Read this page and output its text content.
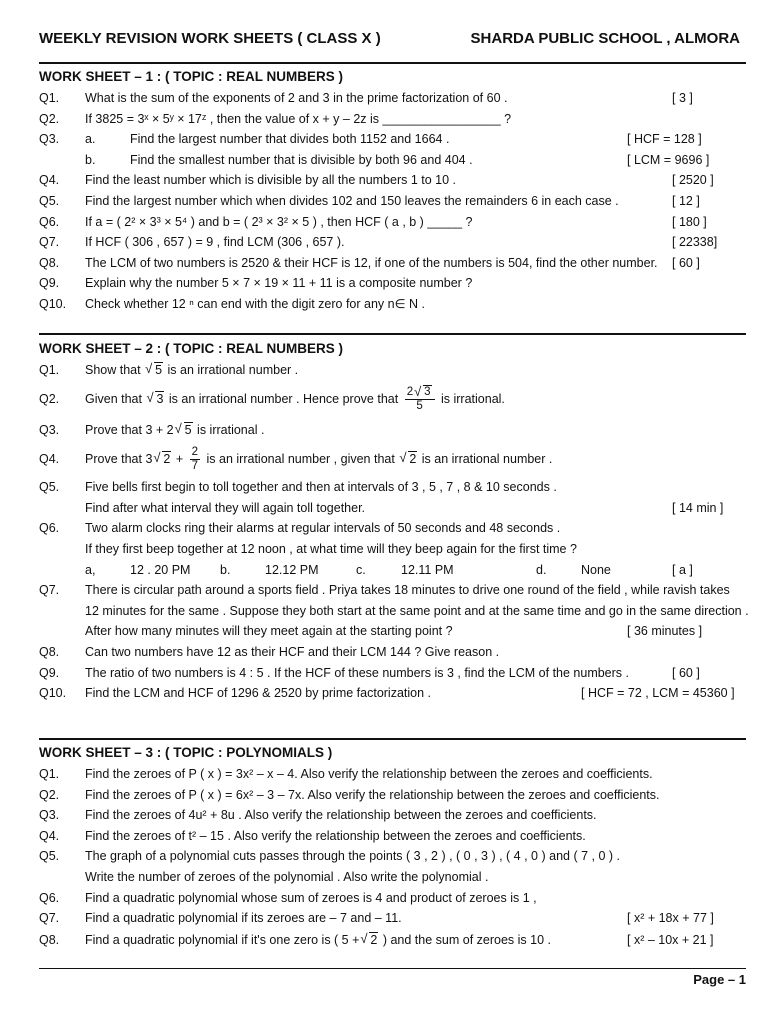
WEEKLY REVISION WORK SHEETS ( CLASS X )	SHARDA PUBLIC SCHOOL , ALMORA
WORK SHEET – 1 : ( TOPIC : REAL NUMBERS )
Q1. What is the sum of the exponents of 2 and 3 in the prime factorization of 60 .	[ 3 ]
Q2. If 3825 = 3ˣ × 5ʸ × 17ᶻ , then the value of x + y – 2z is _________________ ?
Q3. a.	Find the largest number that divides both 1152 and 1664 .	[ HCF = 128 ]
b.	Find the smallest number that is divisible by both 96 and 404 .	[ LCM = 9696 ]
Q4. Find the least number which is divisible by all the numbers 1 to 10 .	[ 2520 ]
Q5. Find the largest number which when divides 102 and 150 leaves the remainders 6 in each case .	[ 12 ]
Q6. If a = ( 2² × 3³ × 5⁴ ) and b = ( 2³ × 3² × 5 ) , then HCF ( a , b ) _____ ?	[ 180 ]
Q7. If HCF ( 306 , 657 ) = 9 , find LCM (306 , 657 ).	[ 22338]
Q8. The LCM of two numbers is 2520 & their HCF is 12, if one of the numbers is 504, find the other number. [ 60 ]
Q9. Explain why the number 5 × 7 × 19 × 11 + 11 is a composite number ?
Q10. Check whether 12 ⁿ can end with the digit zero for any n∈ N .
WORK SHEET – 2 : ( TOPIC : REAL NUMBERS )
Q1. Show that √ 5 is an irrational number .
Q2. Given that √ 3 is an irrational number . Hence prove that $\frac{2 √ 3}{5}$ is irrational.
Q3. Prove that 3 + 2 √ 5 is irrational .
Q4. Prove that 3 √ $2 + \frac{2}{7}$ is an irrational number , given that √ 2 is an irrational number .
Q5. Five bells first begin to toll together and then at intervals of 3 , 5 , 7 , 8 & 10 seconds .
Find after what interval they will again toll together.	[ 14 min ]
Q6. Two alarm clocks ring their alarms at regular intervals of 50 seconds and 48 seconds .
If they first beep together at 12 noon , at what time will they beep again for the first time ?
a,	12 . 20 PM b.	12.12 PM	c.	12.11 PM	d.	None	[ a ]
Q7. There is circular path around a sports field . Priya takes 18 minutes to drive one round of the field , while ravish takes
12 minutes for the same . Suppose they both start at the same point and at the same time and go in the same direction .
After how many minutes will they meet again at the starting point ?	[ 36 minutes ]
Q8. Can two numbers have 12 as their HCF and their LCM 144 ? Give reason .
Q9. The ratio of two numbers is 4 : 5 . If the HCF of these numbers is 3 , find the LCM of the numbers .	[ 60 ]
Q10. Find the LCM and HCF of 1296 & 2520 by prime factorization .	[ HCF = 72 , LCM = 45360 ]
WORK SHEET – 3 : ( TOPIC : POLYNOMIALS )
Q1. Find the zeroes of P ( x ) = 3x² – x – 4. Also verify the relationship between the zeroes and coefficients.
Q2. Find the zeroes of P ( x ) = 6x² – 3 – 7x. Also verify the relationship between the zeroes and coefficients.
Q3. Find the zeroes of 4u² + 8u . Also verify the relationship between the zeroes and coefficients.
Q4. Find the zeroes of t² – 15 . Also verify the relationship between the zeroes and coefficients.
Q5. The graph of a polynomial cuts passes through the points ( 3 , 2 ) , ( 0 , 3 ) , ( 4 , 0 ) and ( 7 , 0 ) .
Write the number of zeroes of the polynomial . Also write the polynomial .
Q6. Find a quadratic polynomial whose sum of zeroes is 4 and product of zeroes is 1 ,
Q7. Find a quadratic polynomial if its zeroes are – 7 and – 11.	[ x² + 18x + 77 ]
Q8. Find a quadratic polynomial if it's one zero is ( 5 + √ 2 ) and the sum of zeroes is 10 .	[ x² – 10x + 21 ]
Page – 1
